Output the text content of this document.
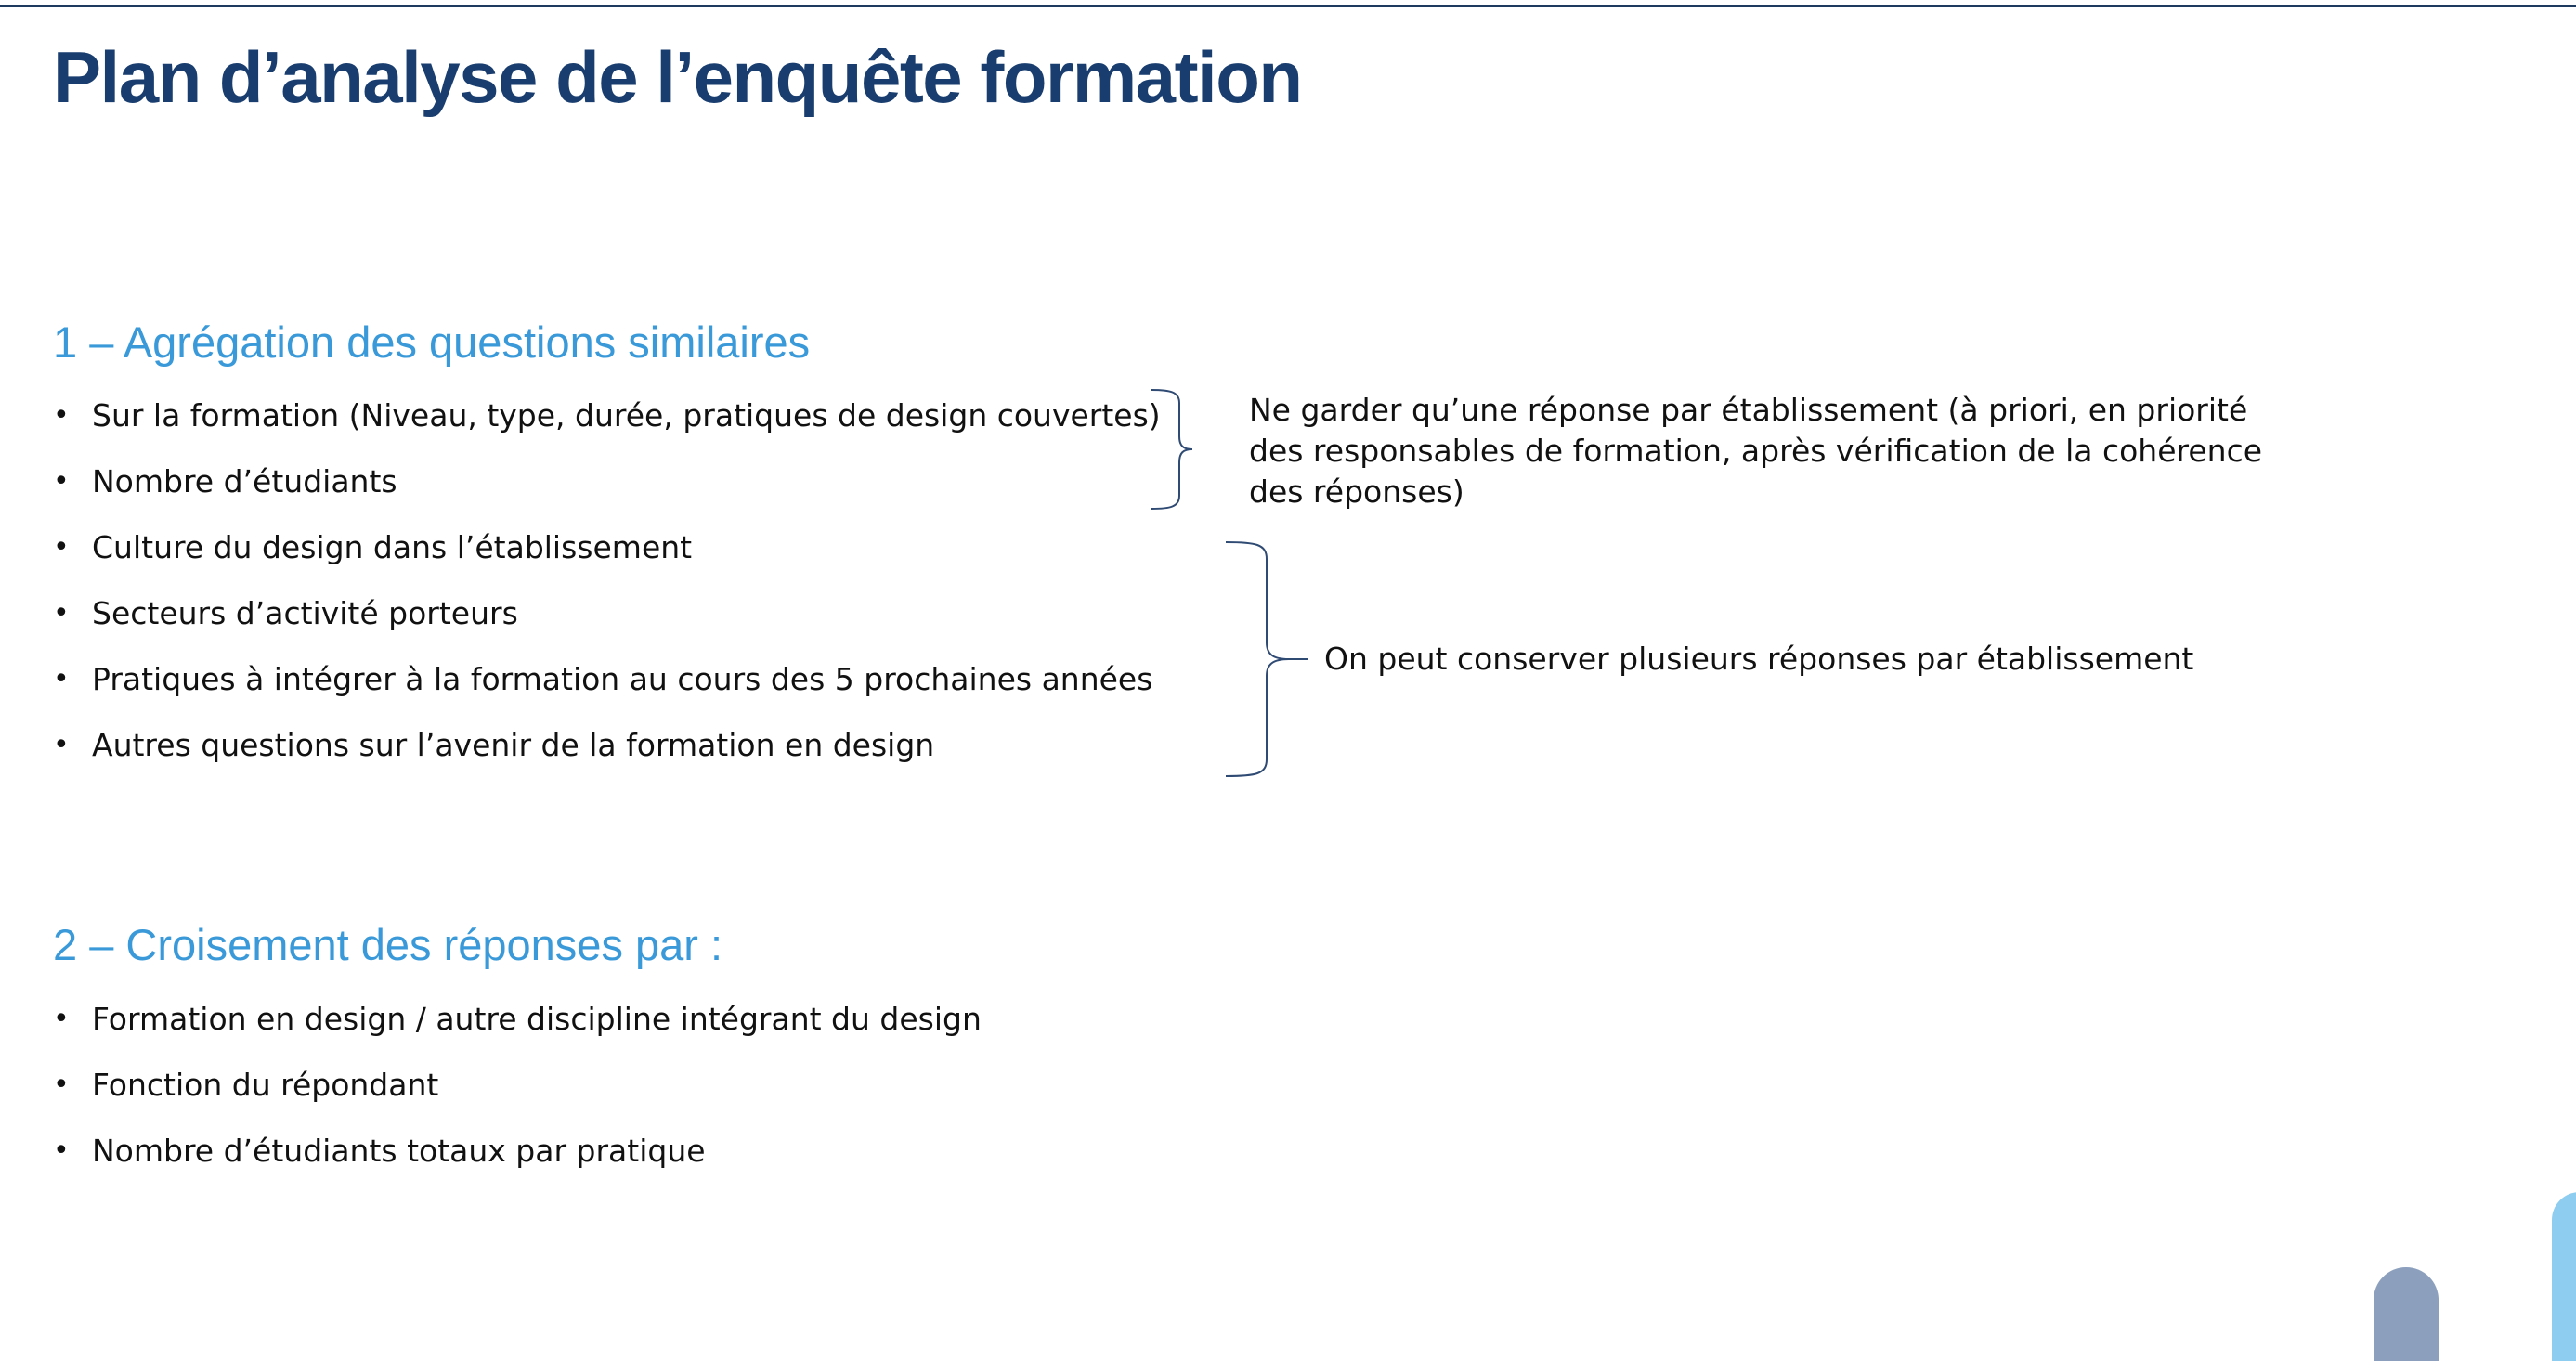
Plan d’analyse de l’enquête formation
1 – Agrégation des questions similaires
• Sur la formation (Niveau, type, durée, pratiques de design couvertes)
• Nombre d’étudiants
• Culture du design dans l’établissement
• Secteurs d’activité porteurs
• Pratiques à intégrer à la formation au cours des 5 prochaines années
• Autres questions sur l’avenir de la formation en design

Ne garder qu’une réponse par établissement (à priori, en priorité
des responsables de formation, après vérification de la cohérence
des réponses)

On peut conserver plusieurs réponses par établissement

2 – Croisement des réponses par :
• Formation en design / autre discipline intégrant du design
• Fonction du répondant
• Nombre d’étudiants totaux par pratique
